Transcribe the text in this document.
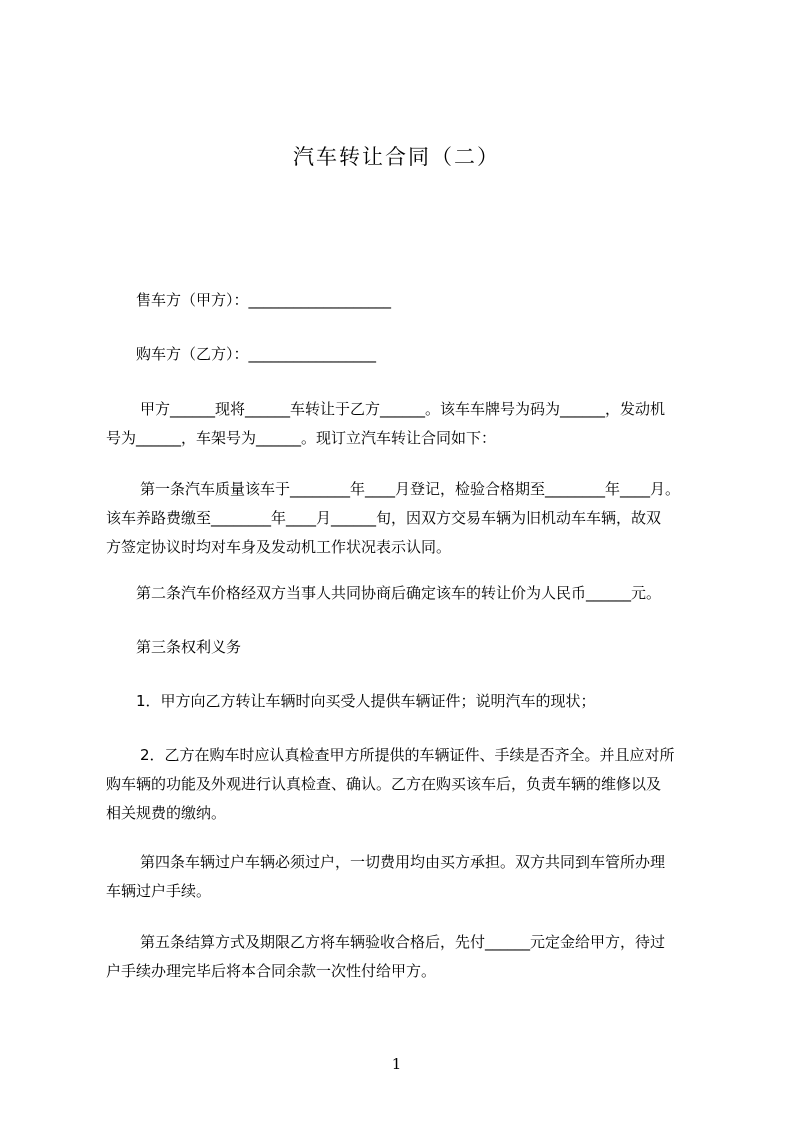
汽车转让合同（二）
售车方（甲方）：___________________
购车方（乙方）：_________________
甲方______现将______车转让于乙方______。该车车牌号为码为______，发动机
号为______，车架号为______。现订立汽车转让合同如下：
第一条汽车质量该车于________年____月登记，检验合格期至________年____月。
该车养路费缴至________年____月______旬，因双方交易车辆为旧机动车车辆，故双
方签定协议时均对车身及发动机工作状况表示认同。
第二条汽车价格经双方当事人共同协商后确定该车的转让价为人民币______元。
第三条权利义务
1．甲方向乙方转让车辆时向买受人提供车辆证件；说明汽车的现状；
2．乙方在购车时应认真检查甲方所提供的车辆证件、手续是否齐全。并且应对所
购车辆的功能及外观进行认真检查、确认。乙方在购买该车后，负责车辆的维修以及
相关规费的缴纳。
第四条车辆过户车辆必须过户，一切费用均由买方承担。双方共同到车管所办理
车辆过户手续。
第五条结算方式及期限乙方将车辆验收合格后，先付______元定金给甲方，待过
户手续办理完毕后将本合同余款一次性付给甲方。
1
